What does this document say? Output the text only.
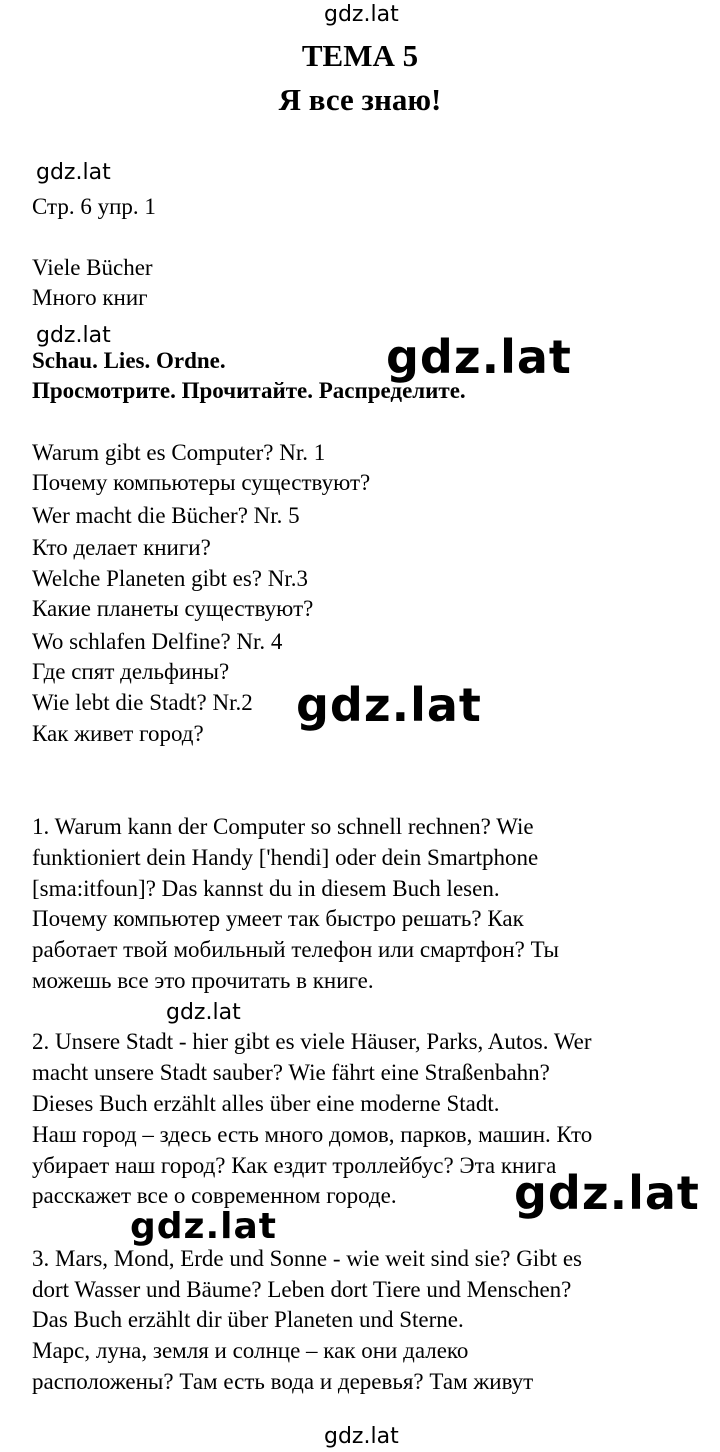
gdz.lat
gdz.lat
gdz.lat	gdz.lat
gdz.lat
gdz.lat
gdz.lat
gdz.lat
gdz.lat
ТЕМА 5
Я все знаю!
Стр. 6 упр. 1
Viele Bücher
Много книг
Schau. Lies. Ordne.
Просмотрите. Прочитайте. Распределите.
Warum gibt es Computer? Nr. 1
Почему компьютеры существуют?
Wer macht die Bücher? Nr. 5
Кто делает книги?
Welche Planeten gibt es? Nr.3
Какие планеты существуют?
Wo schlafen Delfine? Nr. 4
Где спят дельфины?
Wie lebt die Stadt? Nr.2
Как живет город?
1. Warum kann der Computer so schnell rechnen? Wie
funktioniert dein Handy ['hendi] oder dein Smartphone
[sma:itfoun]? Das kannst du in diesem Buch lesen.
Почему компьютер умеет так быстро решать? Как
работает твой мобильный телефон или смартфон? Ты
можешь все это прочитать в книге.
2. Unsere Stadt - hier gibt es viele Häuser, Parks, Autos. Wer
macht unsere Stadt sauber? Wie fährt eine Straßenbahn?
Dieses Buch erzählt alles über eine moderne Stadt.
Наш город – здесь есть много домов, парков, машин. Кто
убирает наш город? Как ездит троллейбус? Эта книга
расскажет все о современном городе.
3. Mars, Mond, Erde und Sonne - wie weit sind sie? Gibt es
dort Wasser und Bäume? Leben dort Tiere und Menschen?
Das Buch erzählt dir über Planeten und Sterne.
Марс, луна, земля и солнце – как они далеко
расположены? Там есть вода и деревья? Там живут
